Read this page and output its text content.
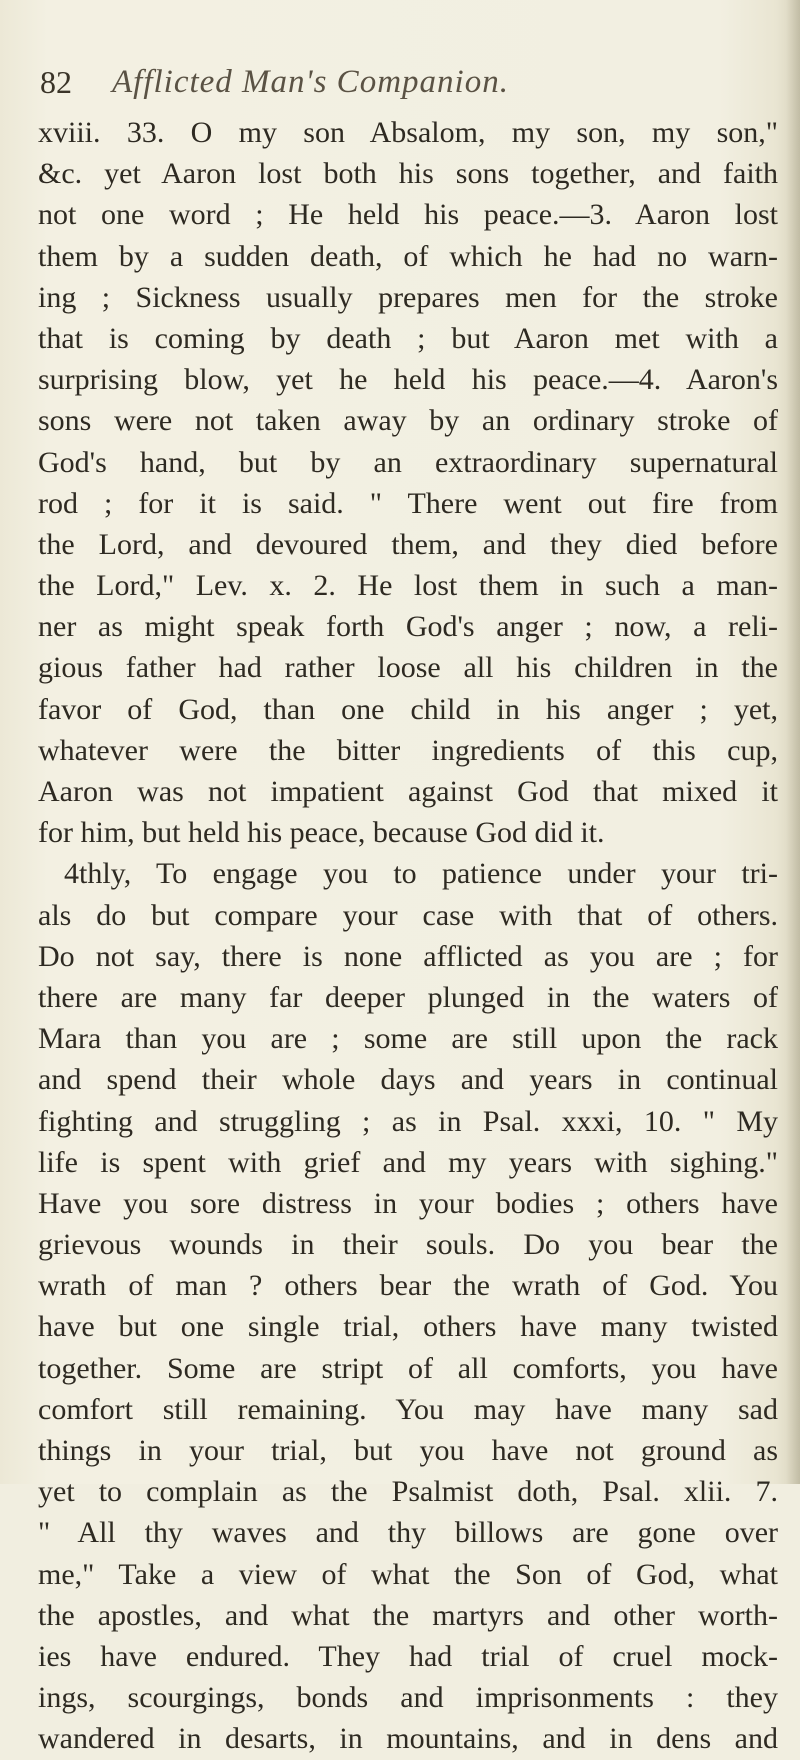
82 Afflicted Man's Companion.
xviii. 33. O my son Absalom, my son, my son,"
&c. yet Aaron lost both his sons together, and faith
not one word ; He held his peace.—3. Aaron lost
them by a sudden death, of which he had no warn-
ing ; Sickness usually prepares men for the stroke
that is coming by death ; but Aaron met with a
surprising blow, yet he held his peace.—4. Aaron's
sons were not taken away by an ordinary stroke of
God's hand, but by an extraordinary supernatural
rod ; for it is said. " There went out fire from
the Lord, and devoured them, and they died before
the Lord," Lev. x. 2. He lost them in such a man-
ner as might speak forth God's anger ; now, a reli-
gious father had rather loose all his children in the
favor of God, than one child in his anger ; yet,
whatever were the bitter ingredients of this cup,
Aaron was not impatient against God that mixed it
for him, but held his peace, because God did it.
4thly, To engage you to patience under your tri-
als do but compare your case with that of others.
Do not say, there is none afflicted as you are ; for
there are many far deeper plunged in the waters of
Mara than you are ; some are still upon the rack
and spend their whole days and years in continual
fighting and struggling ; as in Psal. xxxi, 10. " My
life is spent with grief and my years with sighing."
Have you sore distress in your bodies ; others have
grievous wounds in their souls. Do you bear the
wrath of man ? others bear the wrath of God. You
have but one single trial, others have many twisted
together. Some are stript of all comforts, you have
comfort still remaining. You may have many sad
things in your trial, but you have not ground as
yet to complain as the Psalmist doth, Psal. xlii. 7.
" All thy waves and thy billows are gone over
me," Take a view of what the Son of God, what
the apostles, and what the martyrs and other worth-
ies have endured. They had trial of cruel mock-
ings, scourgings, bonds and imprisonments : they
wandered in desarts, in mountains, and in dens and
